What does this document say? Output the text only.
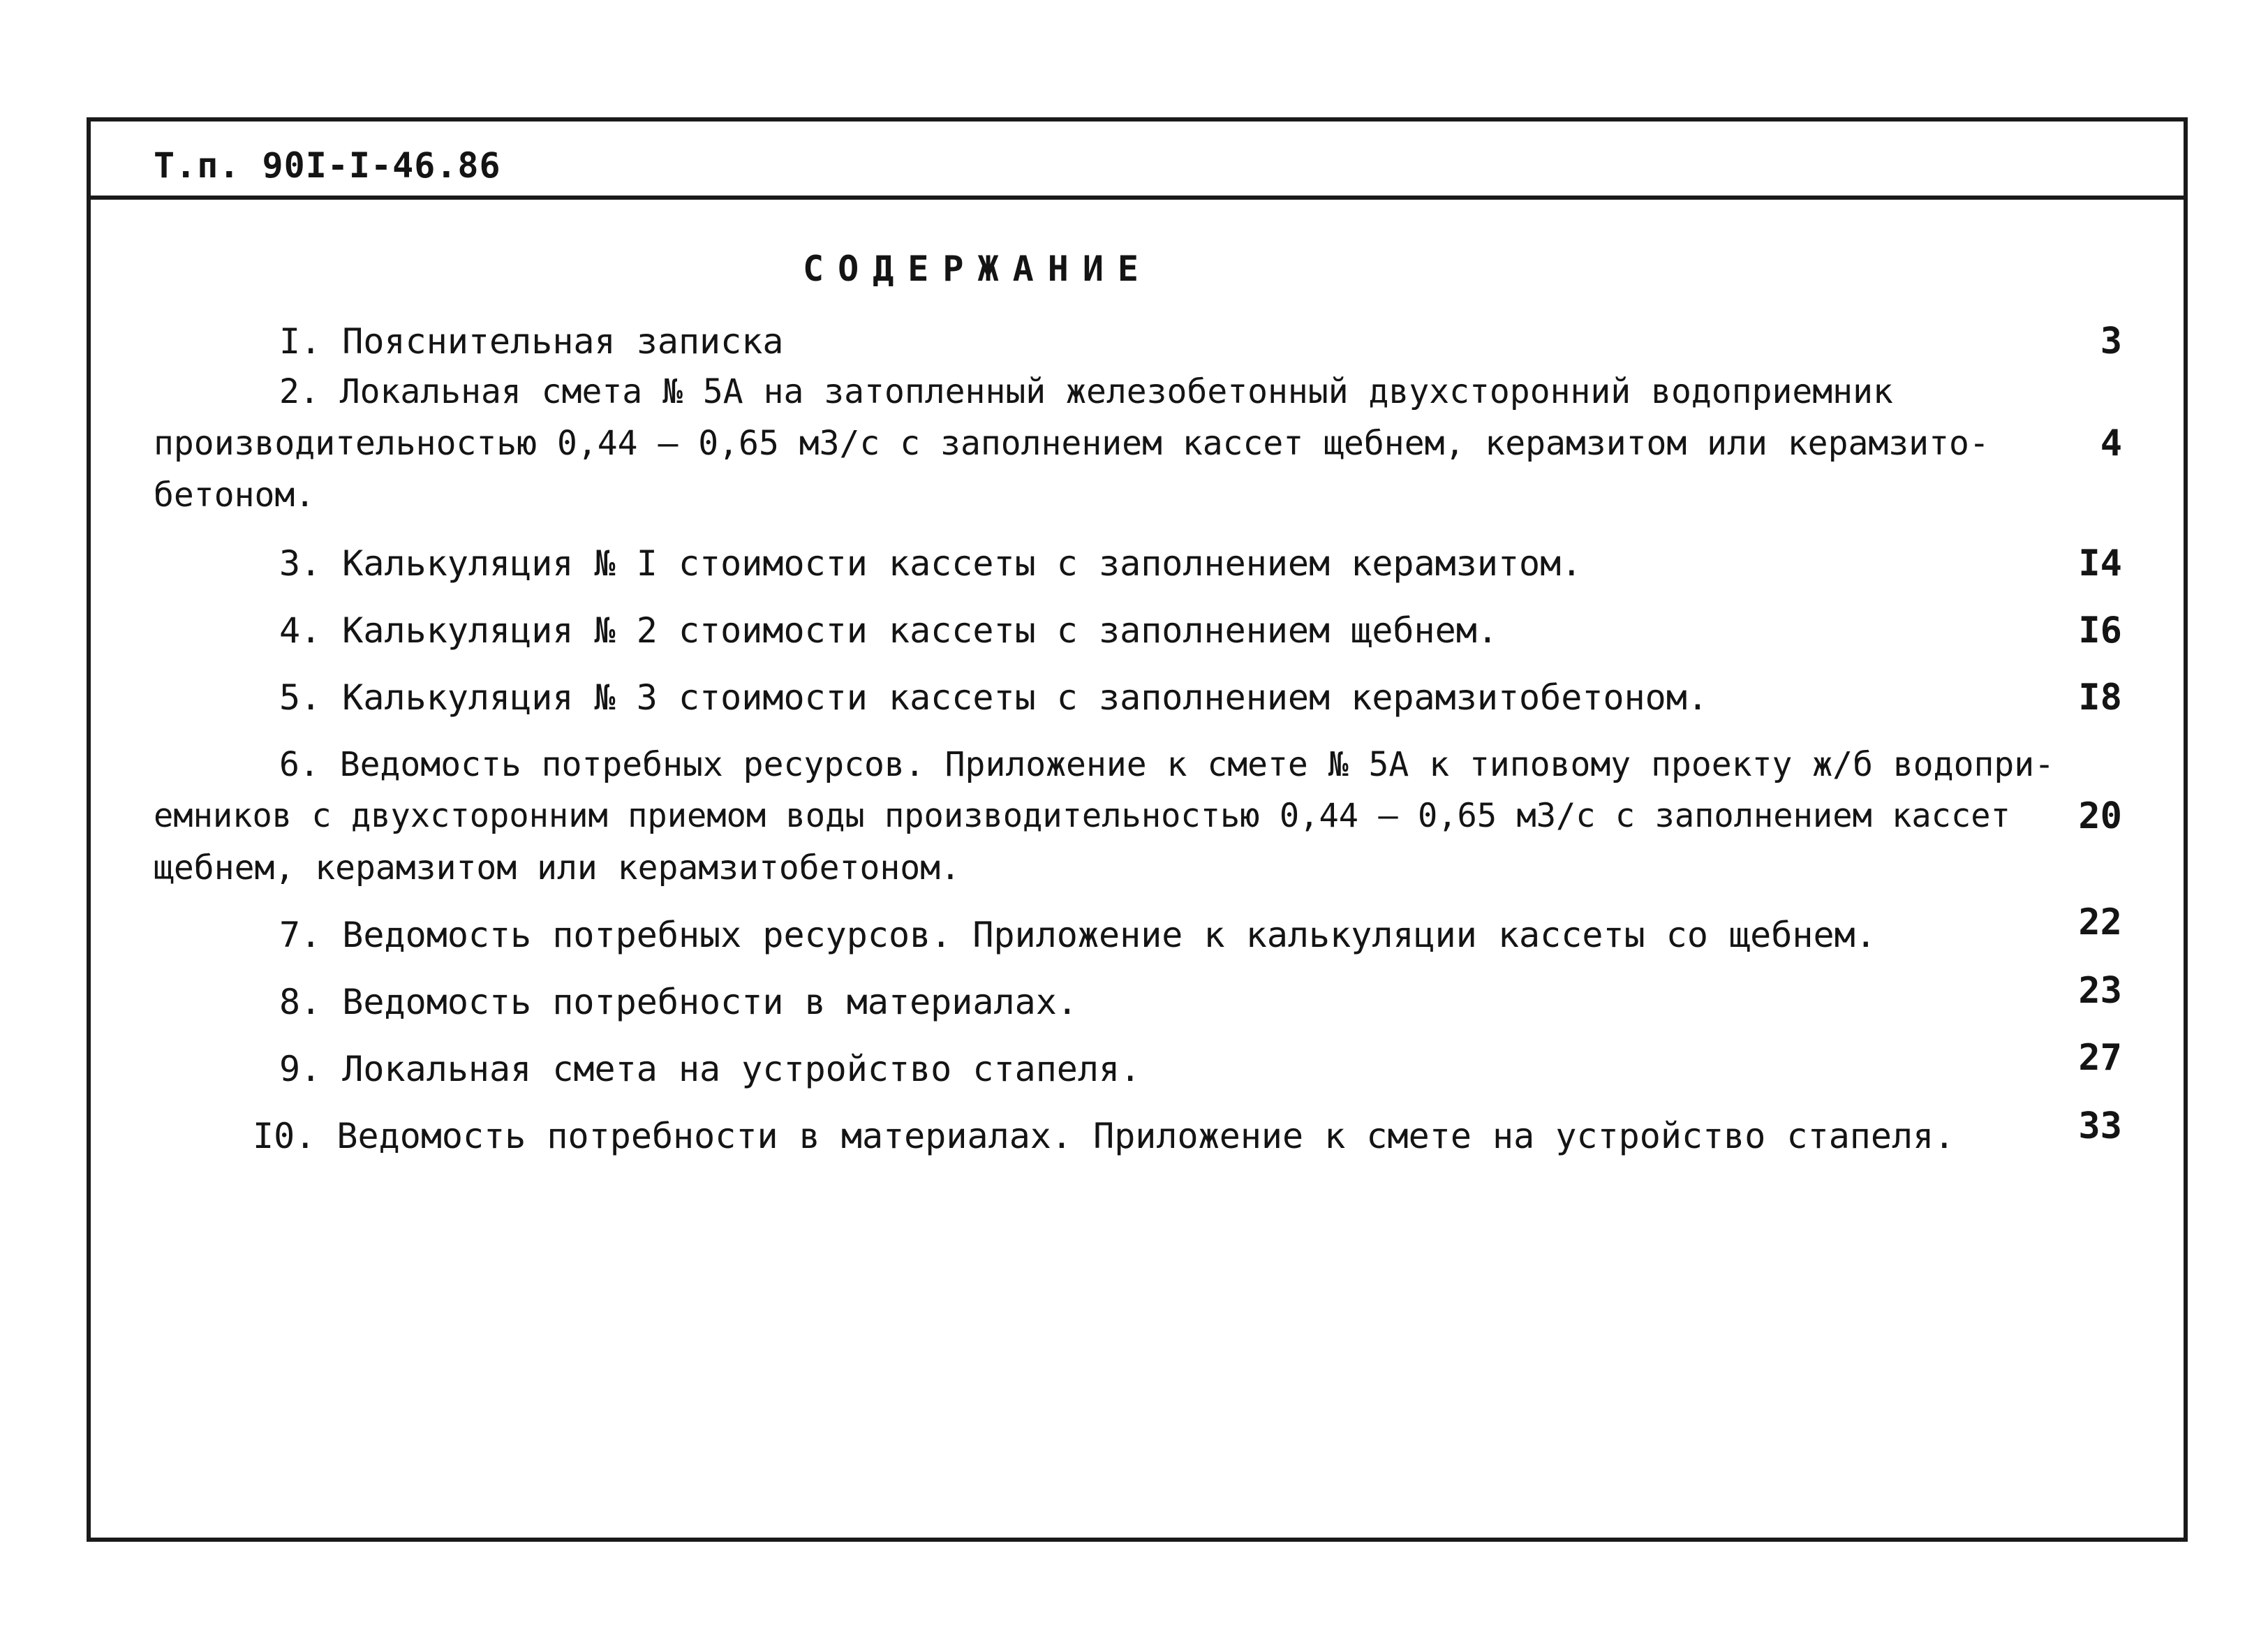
Т.п. 90I-I-46.86
СОДЕРЖАНИЕ
I. Пояснительная записка	3
2. Локальная смета № 5А на затопленный железобетонный двухсторонний водоприемник
производительностью 0,44 – 0,65 м3/с с заполнением кассет щебнем, керамзитом или керамзито-
бетоном.
4
3. Калькуляция № I стоимости кассеты с заполнением керамзитом.	I4
4. Калькуляция № 2 стоимости кассеты с заполнением щебнем.	I6
5. Калькуляция № 3 стоимости кассеты с заполнением керамзитобетоном.	I8
6. Ведомость потребных ресурсов. Приложение к смете № 5А к типовому проекту ж/б водопри-
емников с двухсторонним приемом воды производительностью 0,44 – 0,65 м3/с с заполнением кассет
щебнем, керамзитом или керамзитобетоном.
20
7. Ведомость потребных ресурсов. Приложение к калькуляции кассеты со щебнем.	22
8. Ведомость потребности в материалах.	23
9. Локальная смета на устройство стапеля.	27
I0. Ведомость потребности в материалах. Приложение к смете на устройство стапеля.	33
